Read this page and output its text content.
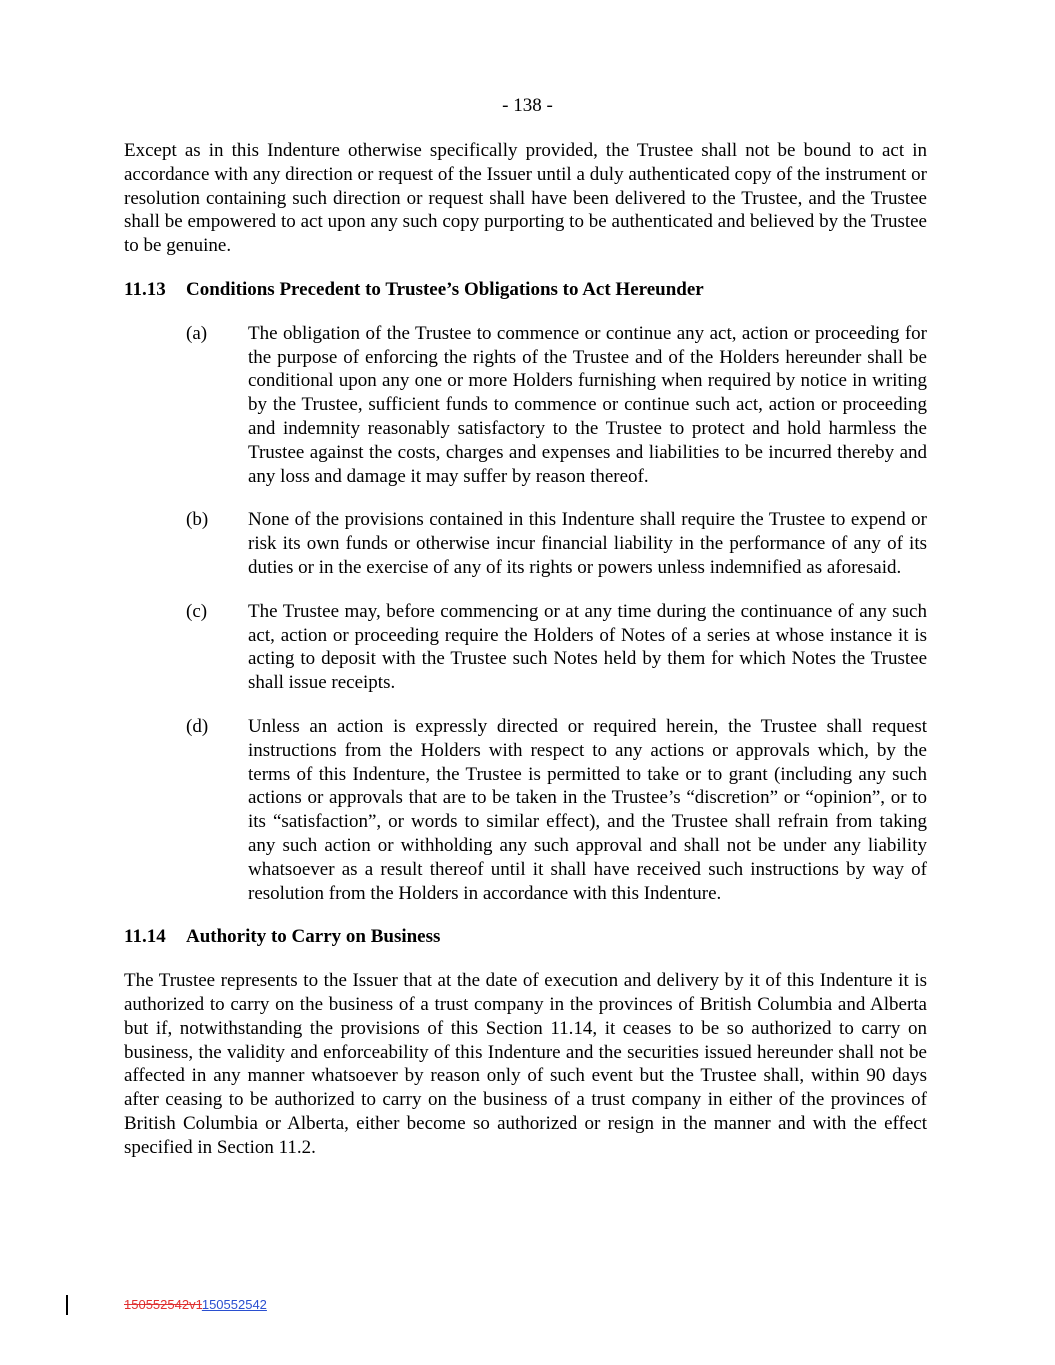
- 138 -

Except as in this Indenture otherwise specifically provided, the Trustee shall not be bound to act in accordance with any direction or request of the Issuer until a duly authenticated copy of the instrument or resolution containing such direction or request shall have been delivered to the Trustee, and the Trustee shall be empowered to act upon any such copy purporting to be authenticated and believed by the Trustee to be genuine.

11.13	Conditions Precedent to Trustee’s Obligations to Act Hereunder
(a)	The obligation of the Trustee to commence or continue any act, action or proceeding for the purpose of enforcing the rights of the Trustee and of the Holders hereunder shall be conditional upon any one or more Holders furnishing when required by notice in writing by the Trustee, sufficient funds to commence or continue such act, action or proceeding and indemnity reasonably satisfactory to the Trustee to protect and hold harmless the Trustee against the costs, charges and expenses and liabilities to be incurred thereby and any loss and damage it may suffer by reason thereof.
(b)	None of the provisions contained in this Indenture shall require the Trustee to expend or risk its own funds or otherwise incur financial liability in the performance of any of its duties or in the exercise of any of its rights or powers unless indemnified as aforesaid.
(c)	The Trustee may, before commencing or at any time during the continuance of any such act, action or proceeding require the Holders of Notes of a series at whose instance it is acting to deposit with the Trustee such Notes held by them for which Notes the Trustee shall issue receipts.
(d)	Unless an action is expressly directed or required herein, the Trustee shall request instructions from the Holders with respect to any actions or approvals which, by the terms of this Indenture, the Trustee is permitted to take or to grant (including any such actions or approvals that are to be taken in the Trustee’s “discretion” or “opinion”, or to its “satisfaction”, or words to similar effect), and the Trustee shall refrain from taking any such action or withholding any such approval and shall not be under any liability whatsoever as a result thereof until it shall have received such instructions by way of resolution from the Holders in accordance with this Indenture.
11.14	Authority to Carry on Business

The Trustee represents to the Issuer that at the date of execution and delivery by it of this Indenture it is authorized to carry on the business of a trust company in the provinces of British Columbia and Alberta but if, notwithstanding the provisions of this Section 11.14, it ceases to be so authorized to carry on business, the validity and enforceability of this Indenture and the securities issued hereunder shall not be affected in any manner whatsoever by reason only of such event but the Trustee shall, within 90 days after ceasing to be authorized to carry on the business of a trust company in either of the provinces of British Columbia or Alberta, either become so authorized or resign in the manner and with the effect specified in Section 11.2.

150552542v1150552542
